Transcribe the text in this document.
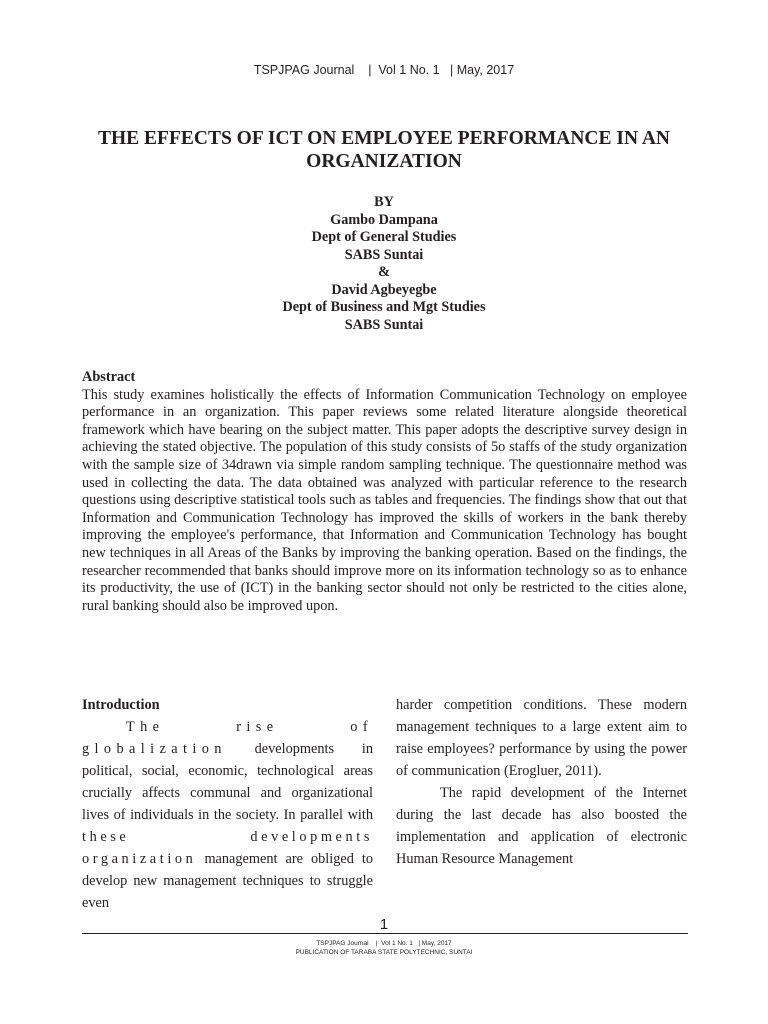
TSPJPAG Journal    |  Vol 1 No. 1   | May, 2017
THE EFFECTS OF ICT ON EMPLOYEE PERFORMANCE IN AN ORGANIZATION
BY
Gambo Dampana
Dept of General Studies
SABS Suntai
&
David Agbeyegbe
Dept of Business and Mgt Studies
SABS Suntai
Abstract

This study examines holistically the effects of Information Communication Technology on employee performance in an organization. This paper reviews some related literature alongside theoretical framework which have bearing on the subject matter. This paper adopts the descriptive survey design in achieving the stated objective. The population of this study consists of 5o staffs of the study organization with the sample size of 34drawn via simple random sampling technique. The questionnaire method was used in collecting the data. The data obtained was analyzed with particular reference to the research questions using descriptive statistical tools such as tables and frequencies. The findings show that out that Information and Communication Technology has improved the skills of workers in the bank thereby improving the employee's performance, that Information and Communication Technology has bought new techniques in all Areas of the Banks by improving the banking operation. Based on the findings, the researcher recommended that banks should improve more on its information technology so as to enhance its productivity, the use of (ICT) in the banking sector should not only be restricted to the cities alone, rural banking should also be improved upon.

Introduction

The rise of globalization developments in political, social, economic, technological areas crucially affects communal and organizational lives of individuals in the society. In parallel with these developments organization management are obliged to develop new management techniques to struggle even

harder competition conditions. These modern management techniques to a large extent aim to raise employees? performance by using the power of communication (Erogluer, 2011).

The rapid development of the Internet during the last decade has also boosted the implementation and application of electronic Human Resource Management

1
TSPJPAG Journal    |  Vol 1 No. 1   | May, 2017
PUBLICATION OF TARABA STATE POLYTECHNIC, SUNTAI
